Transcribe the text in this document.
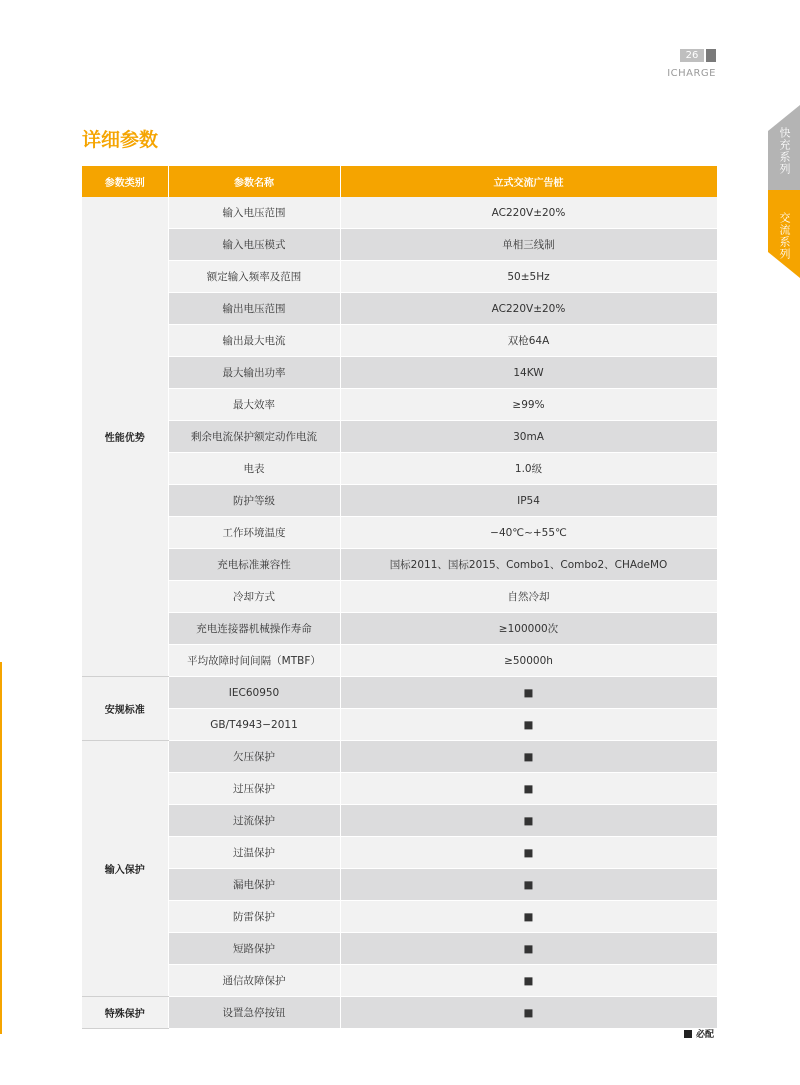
26
ICHARGE
快充系列
交流系列
详细参数
参数类别	参数名称	立式交流广告桩
性能优势	输入电压范围	AC220V±20%
	输入电压模式	单相三线制
	额定输入频率及范围	50±5Hz
	输出电压范围	AC220V±20%
	输出最大电流	双枪64A
	最大输出功率	14KW
	最大效率	≥99%
	剩余电流保护额定动作电流	30mA
	电表	1.0级
	防护等级	IP54
	工作环境温度	−40℃~+55℃
	充电标准兼容性	国标2011、国标2015、Combo1、Combo2、CHAdeMO
	冷却方式	自然冷却
	充电连接器机械操作寿命	≥100000次
	平均故障时间间隔（MTBF）	≥50000h
安规标准	IEC60950	■
	GB/T4943−2011	■
输入保护	欠压保护	■
	过压保护	■
	过流保护	■
	过温保护	■
	漏电保护	■
	防雷保护	■
	短路保护	■
	通信故障保护	■
特殊保护	设置急停按钮	■
必配
